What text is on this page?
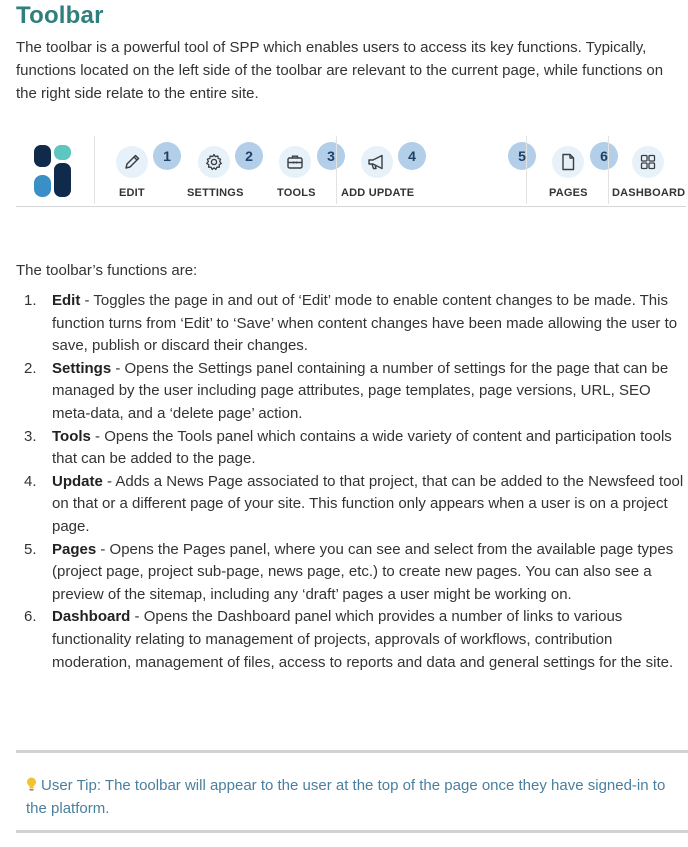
Toolbar

The toolbar is a powerful tool of SPP which enables users to access its key functions. Typically, functions located on the left side of the toolbar are relevant to the current page, while functions on the right side relate to the entire site.

EDIT
1
SETTINGS
2
TOOLS
3
ADD UPDATE
4	5
PAGES
6
DASHBOARD

The toolbar’s functions are:

1. Edit - Toggles the page in and out of ‘Edit’ mode to enable content changes to be made. This function turns from ‘Edit’ to ‘Save’ when content changes have been made allowing the user to save, publish or discard their changes.
2. Settings - Opens the Settings panel containing a number of settings for the page that can be managed by the user including page attributes, page templates, page versions, URL, SEO meta-data, and a ‘delete page’ action.
3. Tools - Opens the Tools panel which contains a wide variety of content and participation tools that can be added to the page.
4. Update - Adds a News Page associated to that project, that can be added to the Newsfeed tool on that or a different page of your site. This function only appears when a user is on a project page.
5. Pages - Opens the Pages panel, where you can see and select from the available page types (project page, project sub-page, news page, etc.) to create new pages. You can also see a preview of the sitemap, including any ‘draft’ pages a user might be working on.
6. Dashboard - Opens the Dashboard panel which provides a number of links to various functionality relating to management of projects, approvals of workflows, contribution moderation, management of files, access to reports and data and general settings for the site.
User Tip: The toolbar will appear to the user at the top of the page once they have signed-in to the platform.
